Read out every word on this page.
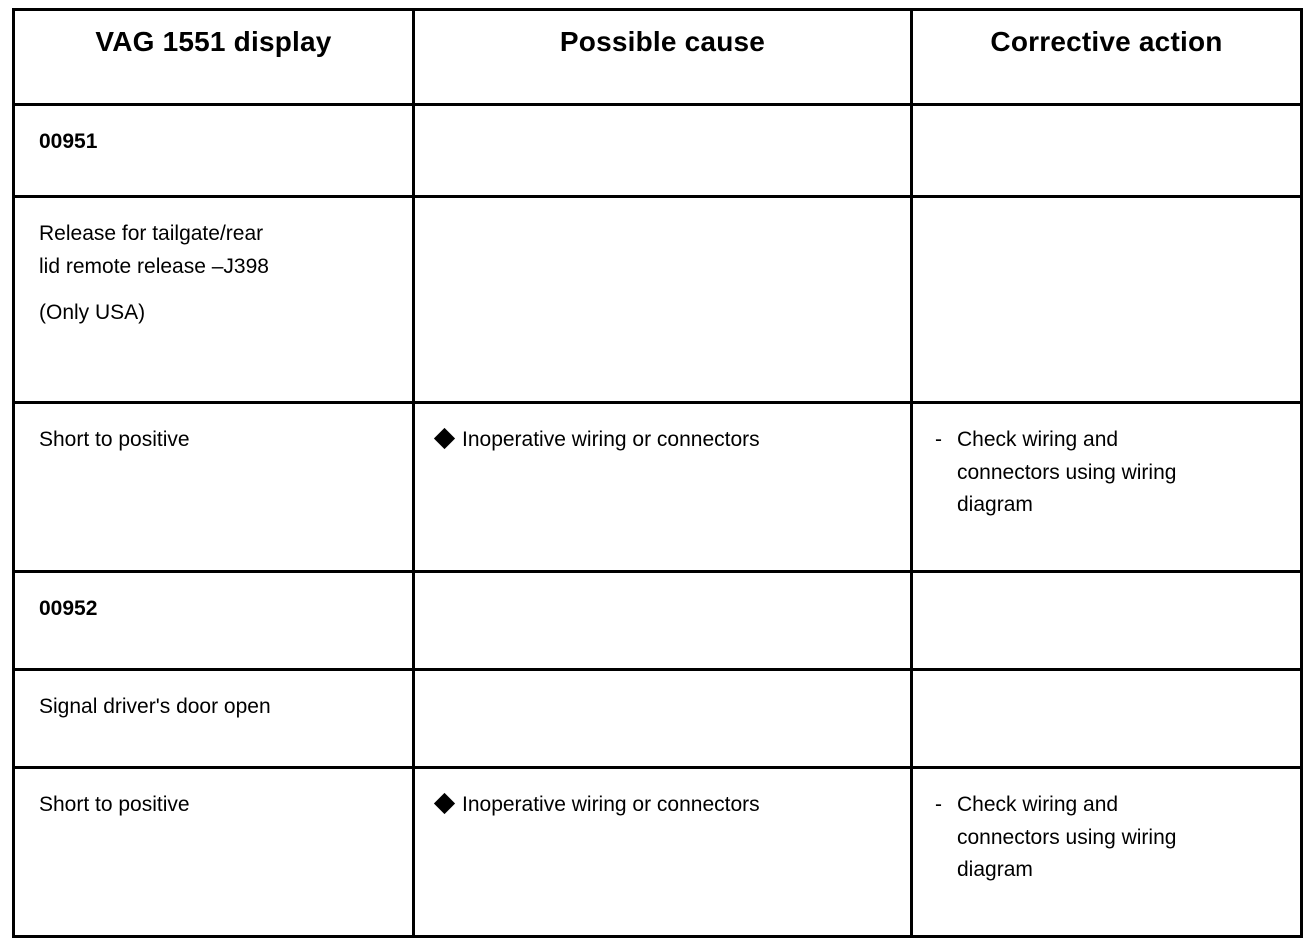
VAG 1551 display	Possible cause	Corrective action

00951		

Release for tailgate/rear
lid remote release –J398
(Only USA)		

Short to positive	Inoperative wiring or connectors	- Check wiring and
connectors using wiring
diagram

00952		

Signal driver's door open		

Short to positive	Inoperative wiring or connectors	- Check wiring and
connectors using wiring
diagram
